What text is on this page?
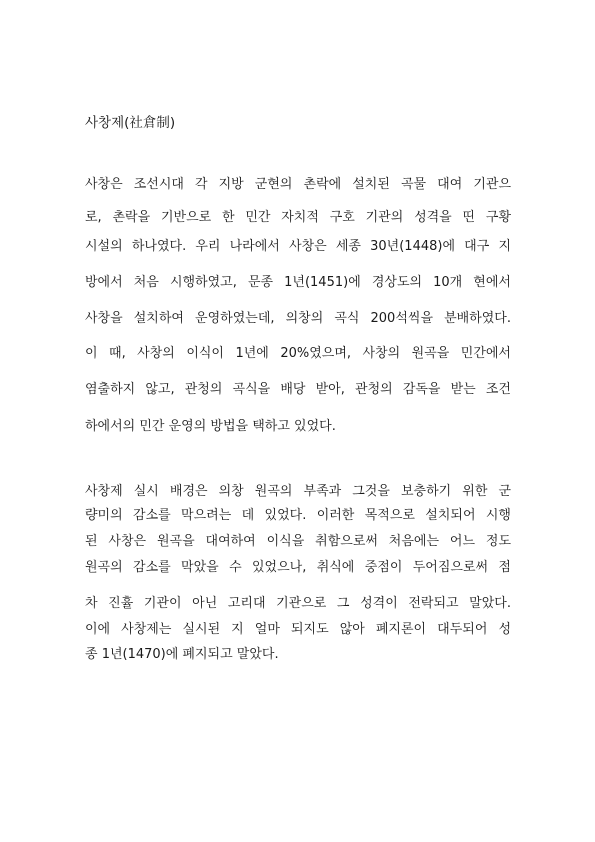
사창제(社倉制)
사창은 조선시대 각 지방 군현의 촌락에 설치된 곡물 대여 기관으
로, 촌락을 기반으로 한 민간 자치적 구호 기관의 성격을 띤 구황
시설의 하나였다. 우리 나라에서 사창은 세종 30년(1448)에 대구 지
방에서 처음 시행하였고, 문종 1년(1451)에 경상도의 10개 현에서
사창을 설치하여 운영하였는데, 의창의 곡식 200석씩을 분배하였다.
이 때, 사창의 이식이 1년에 20%였으며, 사창의 원곡을 민간에서
염출하지 않고, 관청의 곡식을 배당 받아, 관청의 감독을 받는 조건
하에서의 민간 운영의 방법을 택하고 있었다.
사창제 실시 배경은 의창 원곡의 부족과 그것을 보충하기 위한 군
량미의 감소를 막으려는 데 있었다. 이러한 목적으로 설치되어 시행
된 사창은 원곡을 대여하여 이식을 취함으로써 처음에는 어느 정도
원곡의 감소를 막았을 수 있었으나, 취식에 중점이 두어짐으로써 점
차 진휼 기관이 아닌 고리대 기관으로 그 성격이 전락되고 말았다.
이에 사창제는 실시된 지 얼마 되지도 않아 폐지론이 대두되어 성
종 1년(1470)에 폐지되고 말았다.
